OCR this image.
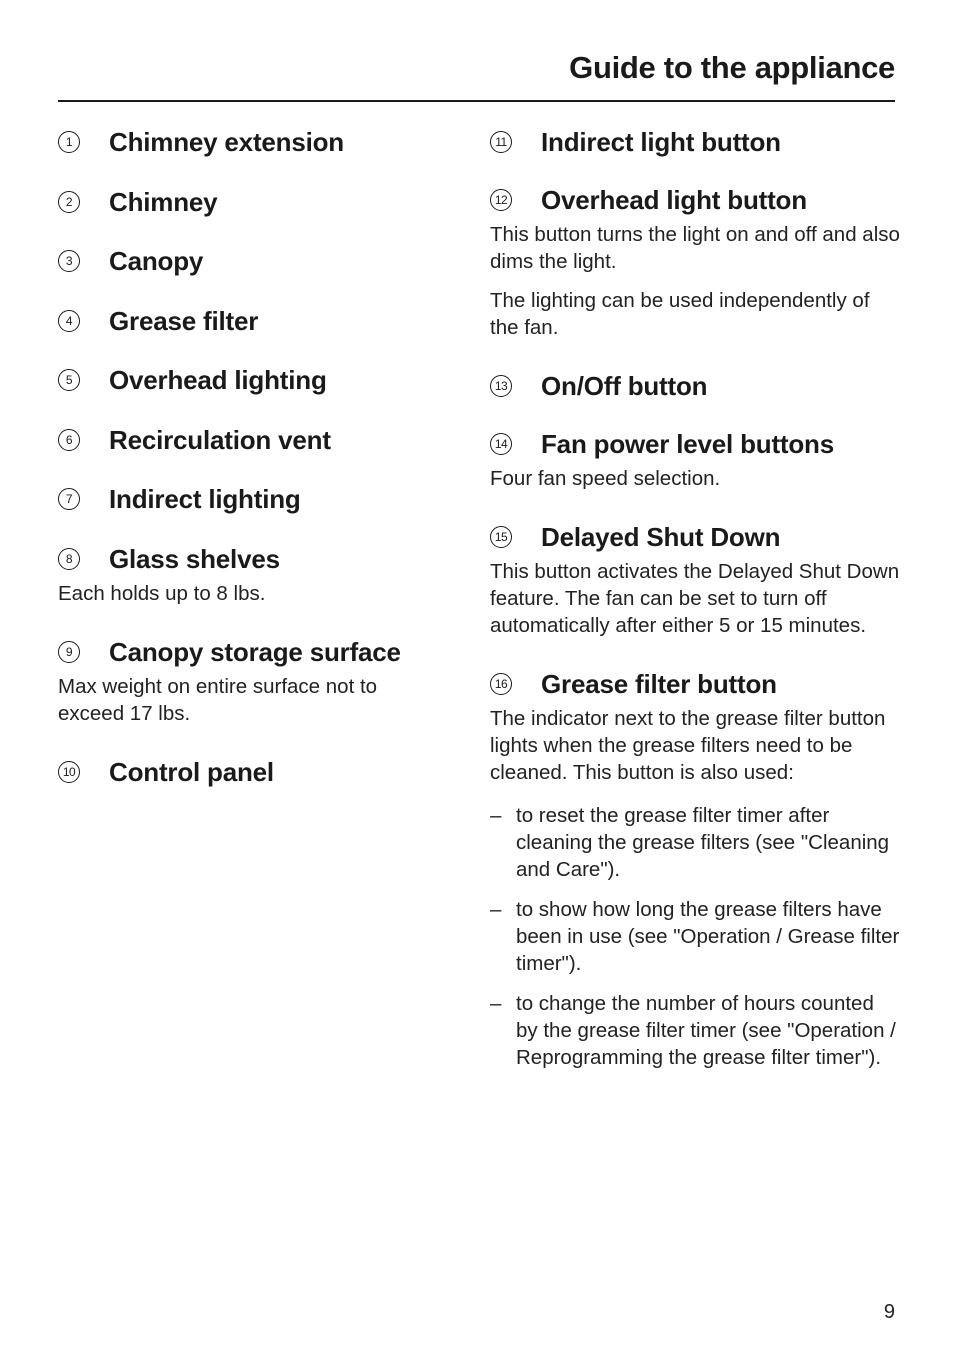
Guide to the appliance
1	Chimney extension
2	Chimney
3	Canopy
4	Grease filter
5	Overhead lighting
6	Recirculation vent
7	Indirect lighting
8	Glass shelves

Each holds up to 8 lbs.

9	Canopy storage surface

Max weight on entire surface not to exceed 17 lbs.

10 Control panel
11 Indirect light button
12 Overhead light button

This button turns the light on and off and also dims the light.

The lighting can be used independently of the fan.

13 On/Off button
14 Fan power level buttons

Four fan speed selection.

15 Delayed Shut Down

This button activates the Delayed Shut Down feature. The fan can be set to turn off automatically after either 5 or 15 minutes.

16 Grease filter button

The indicator next to the grease filter button lights when the grease filters need to be cleaned. This button is also used:

– to reset the grease filter timer after cleaning the grease filters (see "Cleaning and Care").
– to show how long the grease filters have been in use (see "Operation / Grease filter timer").
– to change the number of hours counted by the grease filter timer (see "Operation / Reprogramming the grease filter timer").
9
